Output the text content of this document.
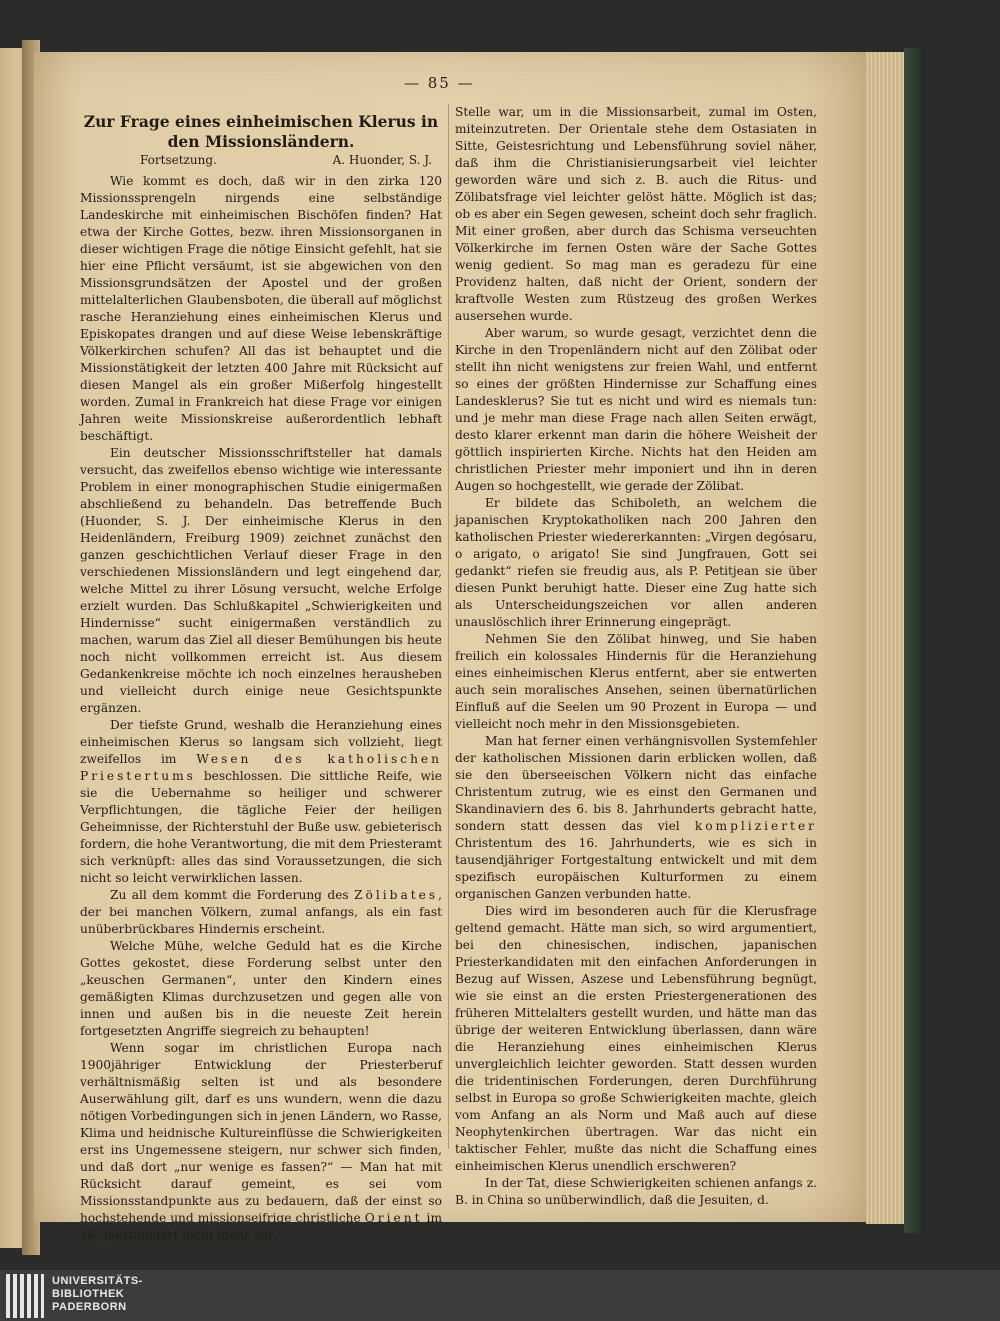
— 85 —

Zur Frage eines einheimischen Klerus in den Missionsländern.

Fortsetzung.	A. Huonder, S. J.

Wie kommt es doch, daß wir in den zirka 120 Missionssprengeln nirgends eine selbständige Landeskirche mit einheimischen Bischöfen finden? Hat etwa der Kirche Gottes, bezw. ihren Missionsorganen in dieser wichtigen Frage die nötige Einsicht gefehlt, hat sie hier eine Pflicht versäumt, ist sie abgewichen von den Missionsgrundsätzen der Apostel und der großen mittelalterlichen Glaubensboten, die überall auf möglichst rasche Heranziehung eines einheimischen Klerus und Episkopates drangen und auf diese Weise lebenskräftige Völkerkirchen schufen? All das ist behauptet und die Missionstätigkeit der letzten 400 Jahre mit Rücksicht auf diesen Mangel als ein großer Mißerfolg hingestellt worden. Zumal in Frankreich hat diese Frage vor einigen Jahren weite Missionskreise außerordentlich lebhaft beschäftigt.

Ein deutscher Missionsschriftsteller hat damals versucht, das zweifellos ebenso wichtige wie interessante Problem in einer monographischen Studie einigermaßen abschließend zu behandeln. Das betreffende Buch (Huonder, S. J. Der einheimische Klerus in den Heidenländern, Freiburg 1909) zeichnet zunächst den ganzen geschichtlichen Verlauf dieser Frage in den verschiedenen Missionsländern und legt eingehend dar, welche Mittel zu ihrer Lösung versucht, welche Erfolge erzielt wurden. Das Schlußkapitel „Schwierigkeiten und Hindernisse“ sucht einigermaßen verständlich zu machen, warum das Ziel all dieser Bemühungen bis heute noch nicht vollkommen erreicht ist. Aus diesem Gedankenkreise möchte ich noch einzelnes herausheben und vielleicht durch einige neue Gesichtspunkte ergänzen.

Der tiefste Grund, weshalb die Heranziehung eines einheimischen Klerus so langsam sich vollzieht, liegt zweifellos im Wesen des katholischen Priestertums beschlossen. Die sittliche Reife, wie sie die Uebernahme so heiliger und schwerer Verpflichtungen, die tägliche Feier der heiligen Geheimnisse, der Richterstuhl der Buße usw. gebieterisch fordern, die hohe Verantwortung, die mit dem Priesteramt sich verknüpft: alles das sind Voraussetzungen, die sich nicht so leicht verwirklichen lassen.

Zu all dem kommt die Forderung des Zölibates, der bei manchen Völkern, zumal anfangs, als ein fast unüberbrückbares Hindernis erscheint.

Welche Mühe, welche Geduld hat es die Kirche Gottes gekostet, diese Forderung selbst unter den „keuschen Germanen“, unter den Kindern eines gemäßigten Klimas durchzusetzen und gegen alle von innen und außen bis in die neueste Zeit herein fortgesetzten Angriffe siegreich zu behaupten!

Wenn sogar im christlichen Europa nach 1900jähriger Entwicklung der Priesterberuf verhältnismäßig selten ist und als besondere Auserwählung gilt, darf es uns wundern, wenn die dazu nötigen Vorbedingungen sich in jenen Ländern, wo Rasse, Klima und heidnische Kultureinflüsse die Schwierigkeiten erst ins Ungemessene steigern, nur schwer sich finden, und daß dort „nur wenige es fassen?“ — Man hat mit Rücksicht darauf gemeint, es sei vom Missionsstandpunkte aus zu bedauern, daß der einst so hochstehende und missionseifrige christliche Orient im 16. Jahrhundert nicht mehr zur

Stelle war, um in die Missionsarbeit, zumal im Osten, miteinzutreten. Der Orientale stehe dem Ostasiaten in Sitte, Geistesrichtung und Lebensführung soviel näher, daß ihm die Christianisierungsarbeit viel leichter geworden wäre und sich z. B. auch die Ritus- und Zölibatsfrage viel leichter gelöst hätte. Möglich ist das; ob es aber ein Segen gewesen, scheint doch sehr fraglich. Mit einer großen, aber durch das Schisma verseuchten Völkerkirche im fernen Osten wäre der Sache Gottes wenig gedient. So mag man es geradezu für eine Providenz halten, daß nicht der Orient, sondern der kraftvolle Westen zum Rüstzeug des großen Werkes ausersehen wurde.

Aber warum, so wurde gesagt, verzichtet denn die Kirche in den Tropenländern nicht auf den Zölibat oder stellt ihn nicht wenigstens zur freien Wahl, und entfernt so eines der größten Hindernisse zur Schaffung eines Landesklerus? Sie tut es nicht und wird es niemals tun: und je mehr man diese Frage nach allen Seiten erwägt, desto klarer erkennt man darin die höhere Weisheit der göttlich inspirierten Kirche. Nichts hat den Heiden am christlichen Priester mehr imponiert und ihn in deren Augen so hochgestellt, wie gerade der Zölibat.

Er bildete das Schiboleth, an welchem die japanischen Kryptokatholiken nach 200 Jahren den katholischen Priester wiedererkannten: „Virgen degósaru, o arigato, o arigato! Sie sind Jungfrauen, Gott sei gedankt“ riefen sie freudig aus, als P. Petitjean sie über diesen Punkt beruhigt hatte. Dieser eine Zug hatte sich als Unterscheidungszeichen vor allen anderen unauslöschlich ihrer Erinnerung eingeprägt.

Nehmen Sie den Zölibat hinweg, und Sie haben freilich ein kolossales Hindernis für die Heranziehung eines einheimischen Klerus entfernt, aber sie entwerten auch sein moralisches Ansehen, seinen übernatürlichen Einfluß auf die Seelen um 90 Prozent in Europa — und vielleicht noch mehr in den Missionsgebieten.

Man hat ferner einen verhängnisvollen Systemfehler der katholischen Missionen darin erblicken wollen, daß sie den überseeischen Völkern nicht das einfache Christentum zutrug, wie es einst den Germanen und Skandinaviern des 6. bis 8. Jahrhunderts gebracht hatte, sondern statt dessen das viel komplizierter Christentum des 16. Jahrhunderts, wie es sich in tausendjähriger Fortgestaltung entwickelt und mit dem spezifisch europäischen Kulturformen zu einem organischen Ganzen verbunden hatte.

Dies wird im besonderen auch für die Klerusfrage geltend gemacht. Hätte man sich, so wird argumentiert, bei den chinesischen, indischen, japanischen Priesterkandidaten mit den einfachen Anforderungen in Bezug auf Wissen, Aszese und Lebensführung begnügt, wie sie einst an die ersten Priestergenerationen des früheren Mittelalters gestellt wurden, und hätte man das übrige der weiteren Entwicklung überlassen, dann wäre die Heranziehung eines einheimischen Klerus unvergleichlich leichter geworden. Statt dessen wurden die tridentinischen Forderungen, deren Durchführung selbst in Europa so große Schwierigkeiten machte, gleich vom Anfang an als Norm und Maß auch auf diese Neophytenkirchen übertragen. War das nicht ein taktischer Fehler, mußte das nicht die Schaffung eines einheimischen Klerus unendlich erschweren?

In der Tat, diese Schwierigkeiten schienen anfangs z. B. in China so unüberwindlich, daß die Jesuiten, d.

UNIVERSITÄTS-
BIBLIOTHEK
PADERBORN
